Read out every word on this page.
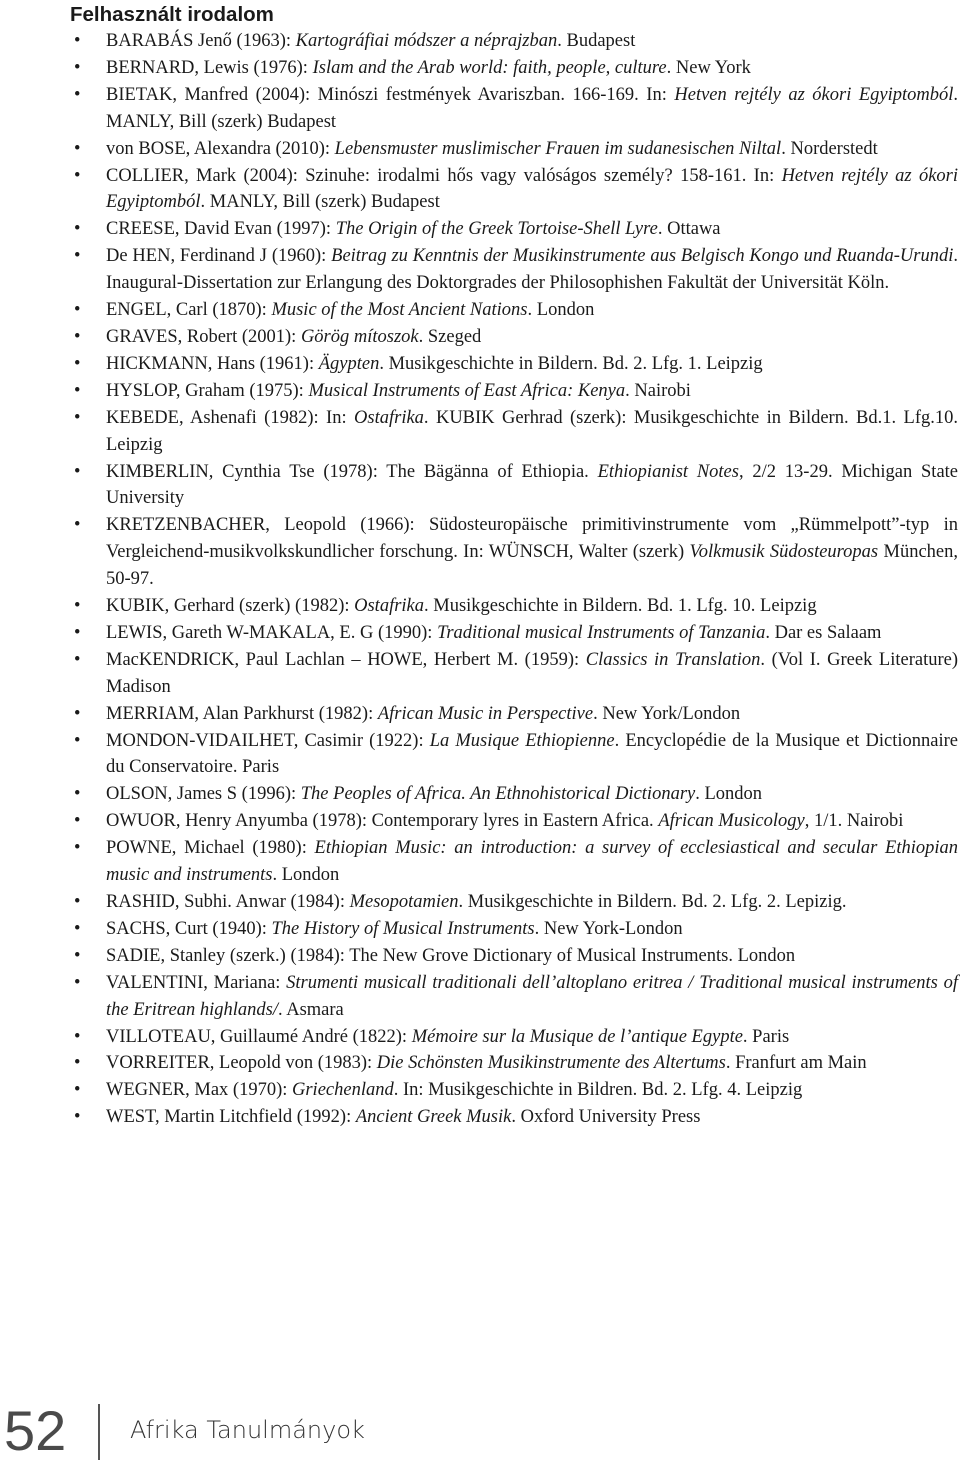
Felhasznált irodalom
• BARABÁS Jenő (1963): Kartográfiai módszer a néprajzban. Budapest
• BERNARD, Lewis (1976): Islam and the Arab world: faith, people, culture. New York
• BIETAK, Manfred (2004): Minószi festmények Avariszban. 166-169. In: Hetven rejtély az ókori Egyiptomból. MANLY, Bill (szerk) Budapest
• von BOSE, Alexandra (2010): Lebensmuster muslimischer Frauen im sudanesischen Niltal. Norderstedt
• COLLIER, Mark (2004): Szinuhe: irodalmi hős vagy valóságos személy? 158-161. In: Hetven rejtély az ókori Egyiptomból. MANLY, Bill (szerk) Budapest
• CREESE, David Evan (1997): The Origin of the Greek Tortoise-Shell Lyre. Ottawa
• De HEN, Ferdinand J (1960): Beitrag zu Kenntnis der Musikinstrumente aus Belgisch Kongo und Ruanda-Urundi. Inaugural-Dissertation zur Erlangung des Doktorgrades der Philosophishen Fakultät der Universität Köln.
• ENGEL, Carl (1870): Music of the Most Ancient Nations. London
• GRAVES, Robert (2001): Görög mítoszok. Szeged
• HICKMANN, Hans (1961): Ägypten. Musikgeschichte in Bildern. Bd. 2. Lfg. 1. Leipzig
• HYSLOP, Graham (1975): Musical Instruments of East Africa: Kenya. Nairobi
• KEBEDE, Ashenafi (1982): In: Ostafrika. KUBIK Gerhrad (szerk): Musikgeschichte in Bildern. Bd.1. Lfg.10. Leipzig
• KIMBERLIN, Cynthia Tse (1978): The Bägänna of Ethiopia. Ethiopianist Notes, 2/2 13-29. Michigan State University
• KRETZENBACHER, Leopold (1966): Südosteuropäische primitivinstrumente vom „Rümmelpott”-typ in Vergleichend-musikvolkskundlicher forschung. In: WÜNSCH, Walter (szerk) Volkmusik Südosteuropas München, 50-97.
• KUBIK, Gerhard (szerk) (1982): Ostafrika. Musikgeschichte in Bildern. Bd. 1. Lfg. 10. Leipzig
• LEWIS, Gareth W-MAKALA, E. G (1990): Traditional musical Instruments of Tanzania. Dar es Salaam
• MacKENDRICK, Paul Lachlan – HOWE, Herbert M. (1959): Classics in Translation. (Vol I. Greek Literature) Madison
• MERRIAM, Alan Parkhurst (1982): African Music in Perspective. New York/London
• MONDON-VIDAILHET, Casimir (1922): La Musique Ethiopienne. Encyclopédie de la Musique et Dictionnaire du Conservatoire. Paris
• OLSON, James S (1996): The Peoples of Africa. An Ethnohistorical Dictionary. London
• OWUOR, Henry Anyumba (1978): Contemporary lyres in Eastern Africa. African Musicology, 1/1. Nairobi
• POWNE, Michael (1980): Ethiopian Music: an introduction: a survey of ecclesiastical and secular Ethiopian music and instruments. London
• RASHID, Subhi. Anwar (1984): Mesopotamien. Musikgeschichte in Bildern. Bd. 2. Lfg. 2. Lepizig.
• SACHS, Curt (1940): The History of Musical Instruments. New York-London
• SADIE, Stanley (szerk.) (1984): The New Grove Dictionary of Musical Instruments. London
• VALENTINI, Mariana: Strumenti musicall traditionali dell’altoplano eritrea / Traditional musical instruments of the Eritrean highlands/. Asmara
• VILLOTEAU, Guillaumé André (1822): Mémoire sur la Musique de l’antique Egypte. Paris
• VORREITER, Leopold von (1983): Die Schönsten Musikinstrumente des Altertums. Franfurt am Main
• WEGNER, Max (1970): Griechenland. In: Musikgeschichte in Bildren. Bd. 2. Lfg. 4. Leipzig
• WEST, Martin Litchfield (1992): Ancient Greek Musik. Oxford University Press
52	Afrika Tanulmányok
